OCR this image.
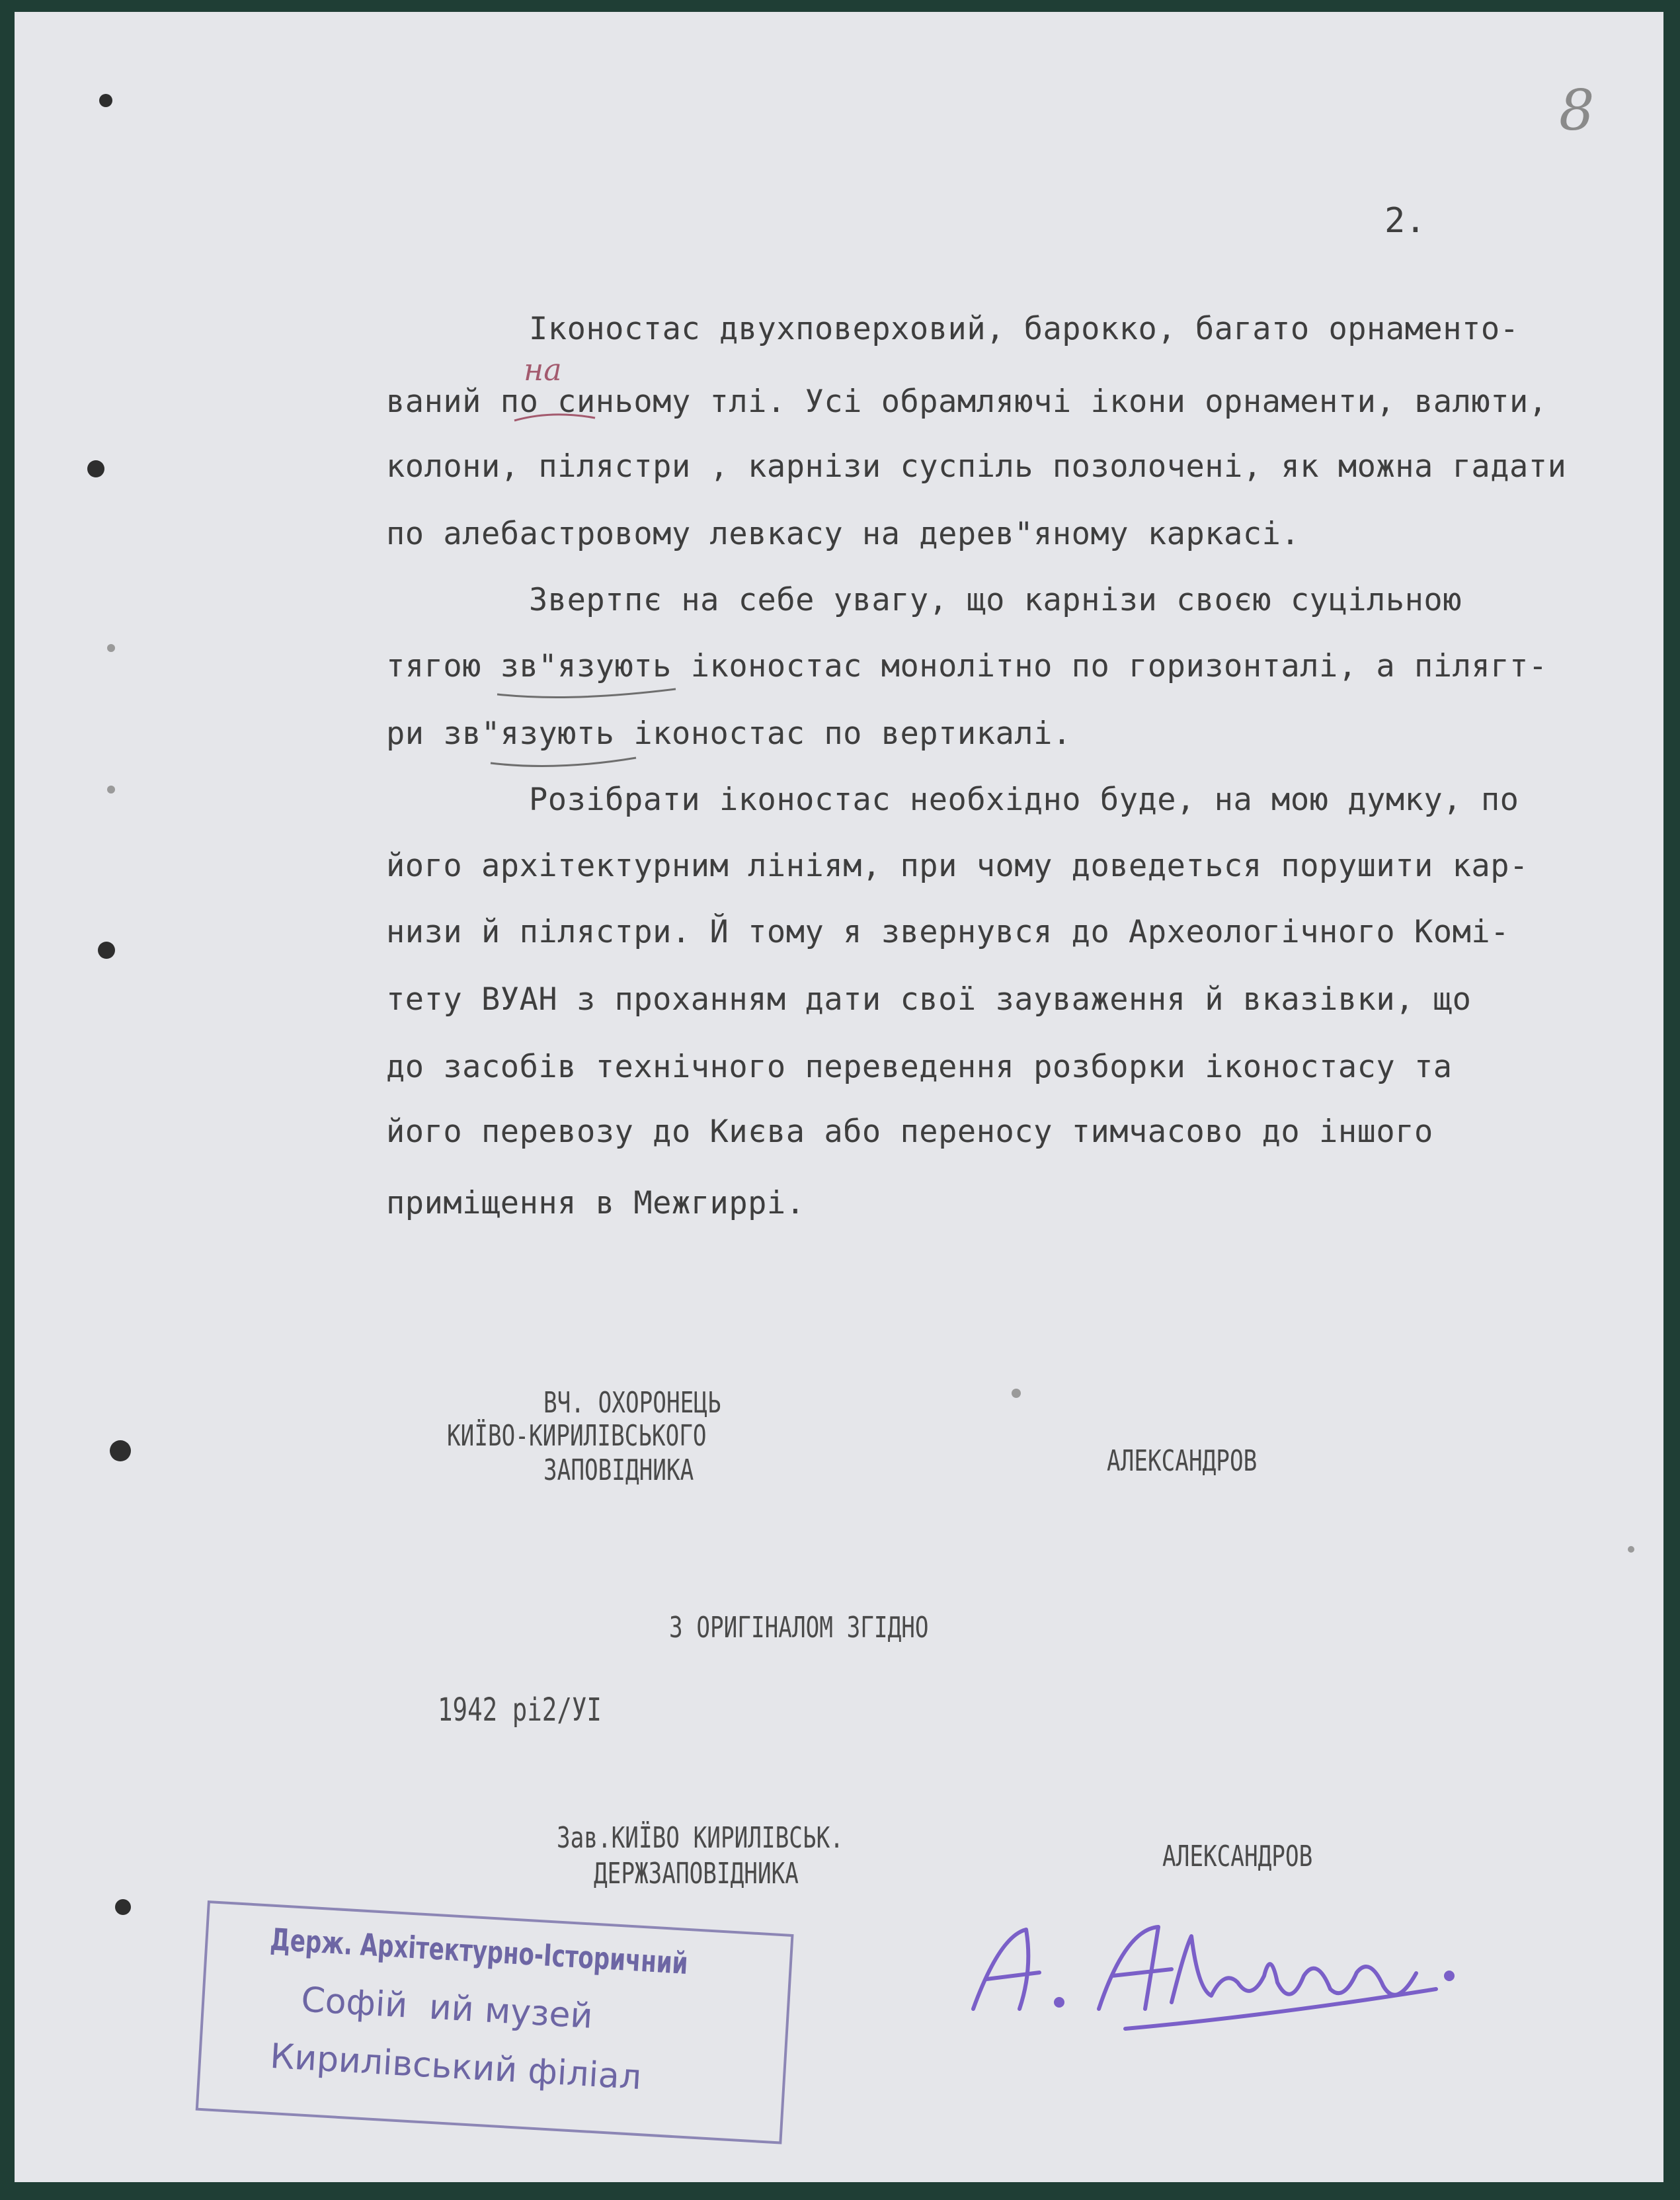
8
2.
на
Іконостас двухповерховий, барокко, багато орнаменто-
ваний по синьому тлі. Усі обрамляючі ікони орнаменти, валюти,
колони, пілястри , карнізи суспіль позолочені, як можна гадати
по алебастровому левкасу на дерев"яному каркасі.
Звертпє на себе увагу, що карнізи своєю суцільною
тягою зв"язують іконостас монолітно по горизонталі, а пілягт-
ри зв"язують іконостас по вертикалі.
Розібрати іконостас необхідно буде, на мою думку, по
його архітектурним лініям, при чому доведеться порушити кар-
низи й пілястри. Й тому я звернувся до Археологічного Комі-
тету ВУАН з проханням дати свої зауваження й вказівки, що
до засобів технічного переведення розборки іконостасу та
його перевозу до Києва або переносу тимчасово до іншого
приміщення в Межгиррі.
ВЧ. ОХОРОНЕЦЬ
КИЇВО-КИРИЛІВСЬКОГО
ЗАПОВІДНИКА	АЛЕКСАНДРОВ
З ОРИГІНАЛОМ ЗГІДНО
1942 рі2/УІ
Зав.КИЇВО КИРИЛІВСЬК.
ДЕРЖЗАПОВІДНИКА
АЛЕКСАНДРОВ
Держ. Архітектурно-Історичний
Софій  ий музей
Кирилівський філіал
